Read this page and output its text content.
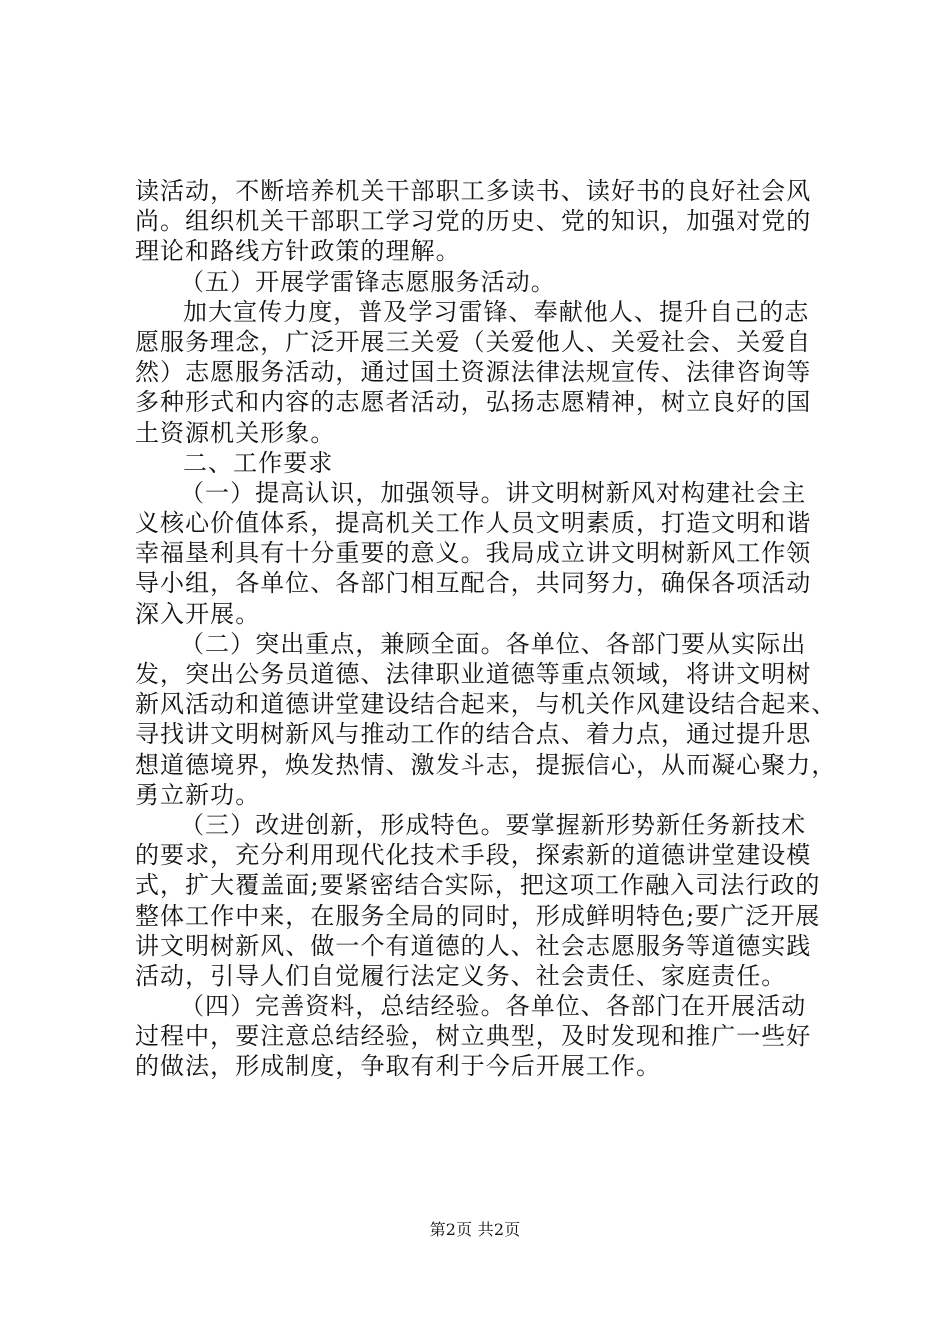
读活动，不断培养机关干部职工多读书、读好书的良好社会风
尚。组织机关干部职工学习党的历史、党的知识，加强对党的
理论和路线方针政策的理解。
（五）开展学雷锋志愿服务活动。
加大宣传力度，普及学习雷锋、奉献他人、提升自己的志
愿服务理念，广泛开展三关爱（关爱他人、关爱社会、关爱自
然）志愿服务活动，通过国土资源法律法规宣传、法律咨询等
多种形式和内容的志愿者活动，弘扬志愿精神，树立良好的国
土资源机关形象。
二、工作要求
（一）提高认识，加强领导。讲文明树新风对构建社会主
义核心价值体系，提高机关工作人员文明素质，打造文明和谐
幸福垦利具有十分重要的意义。我局成立讲文明树新风工作领
导小组，各单位、各部门相互配合，共同努力，确保各项活动
深入开展。
（二）突出重点，兼顾全面。各单位、各部门要从实际出
发，突出公务员道德、法律职业道德等重点领域，将讲文明树
新风活动和道德讲堂建设结合起来，与机关作风建设结合起来、
寻找讲文明树新风与推动工作的结合点、着力点，通过提升思
想道德境界，焕发热情、激发斗志，提振信心，从而凝心聚力，
勇立新功。
（三）改进创新，形成特色。要掌握新形势新任务新技术
的要求，充分利用现代化技术手段，探索新的道德讲堂建设模
式，扩大覆盖面;要紧密结合实际，把这项工作融入司法行政的
整体工作中来，在服务全局的同时，形成鲜明特色;要广泛开展
讲文明树新风、做一个有道德的人、社会志愿服务等道德实践
活动，引导人们自觉履行法定义务、社会责任、家庭责任。
（四）完善资料，总结经验。各单位、各部门在开展活动
过程中，要注意总结经验，树立典型，及时发现和推广一些好
的做法，形成制度，争取有利于今后开展工作。
第2页 共2页
